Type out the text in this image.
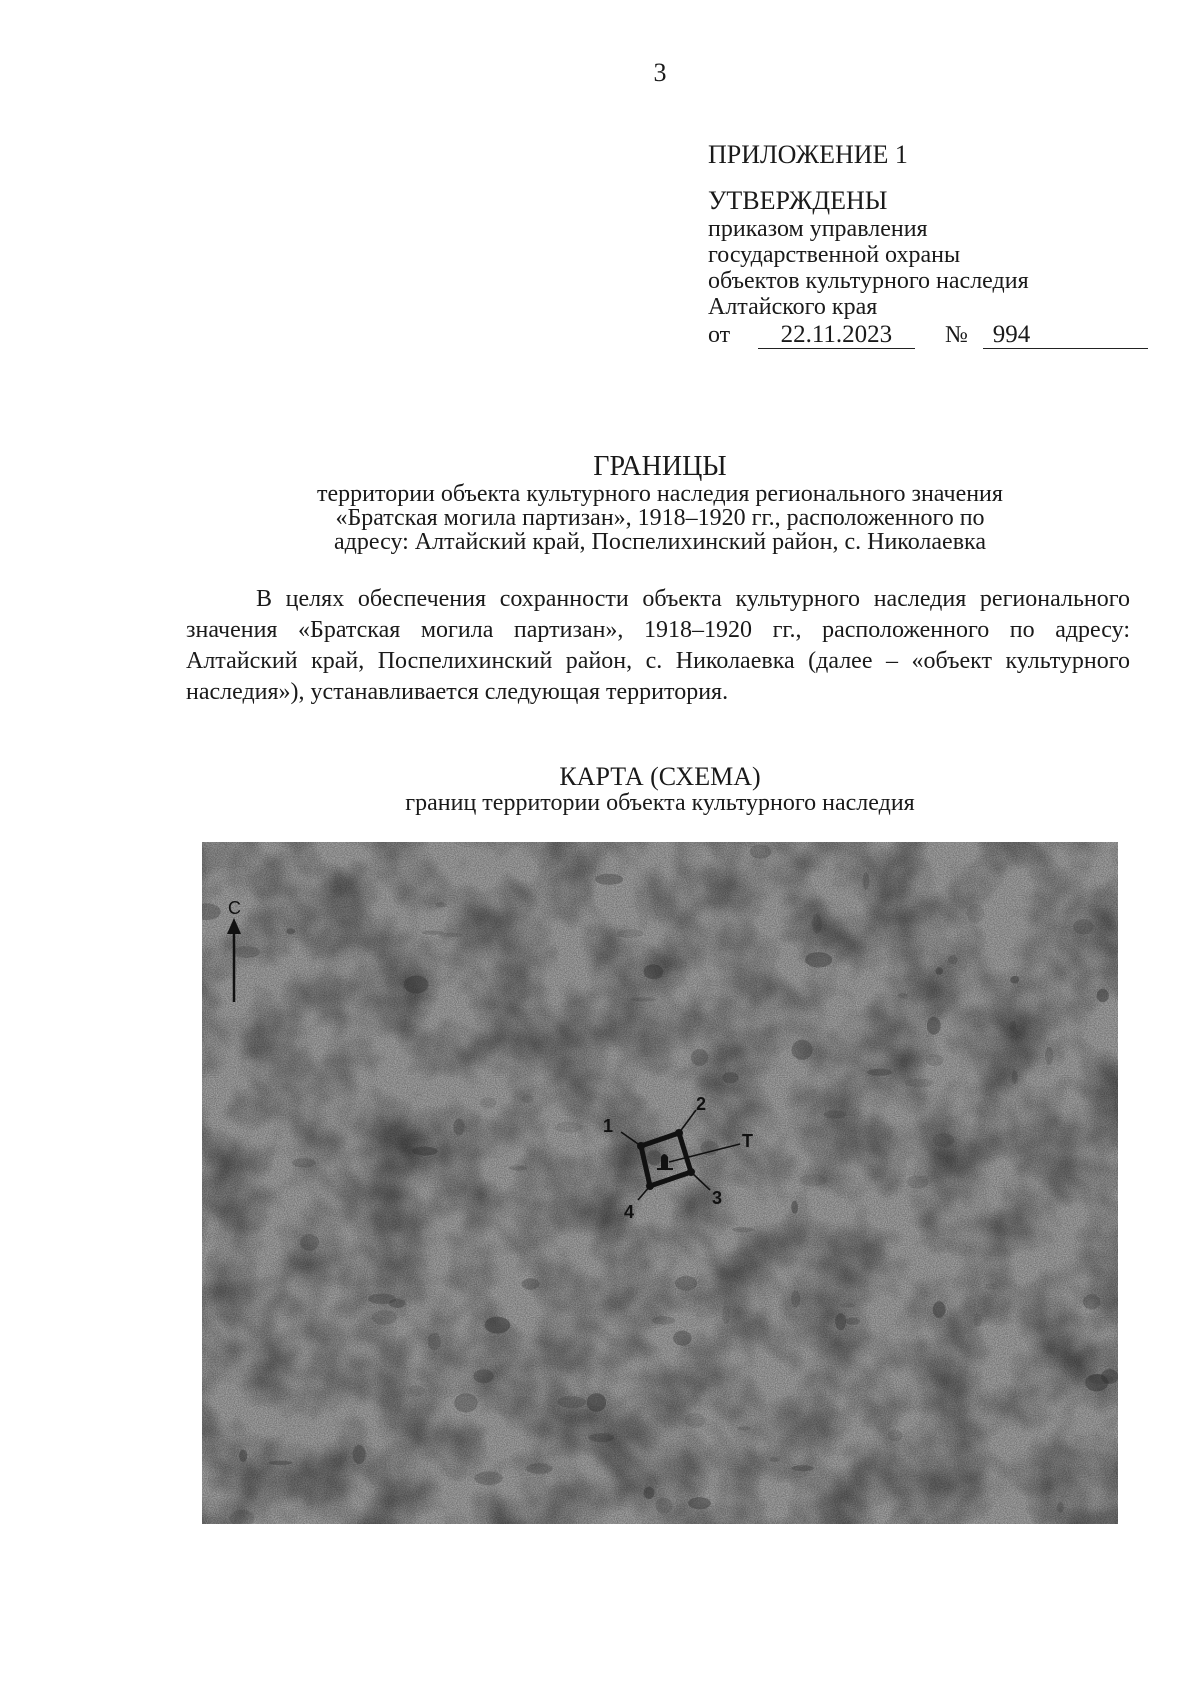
3
ПРИЛОЖЕНИЕ 1
УТВЕРЖДЕНЫ
приказом управления
государственной охраны
объектов культурного наследия
Алтайского края
от	22.11.2023	№ 994
ГРАНИЦЫ
территории объекта культурного наследия регионального значения
«Братская могила партизан», 1918–1920 гг., расположенного по
адресу: Алтайский край, Поспелихинский район, с. Николаевка
В целях обеспечения сохранности объекта культурного наследия регионального значения «Братская могила партизан», 1918–1920 гг., расположенного по адресу: Алтайский край, Поспелихинский район, с. Николаевка (далее – «объект культурного наследия»), устанавливается следующая территория.
КАРТА (СХЕМА)
границ территории объекта культурного наследия
С
1
2
3
4
Т
